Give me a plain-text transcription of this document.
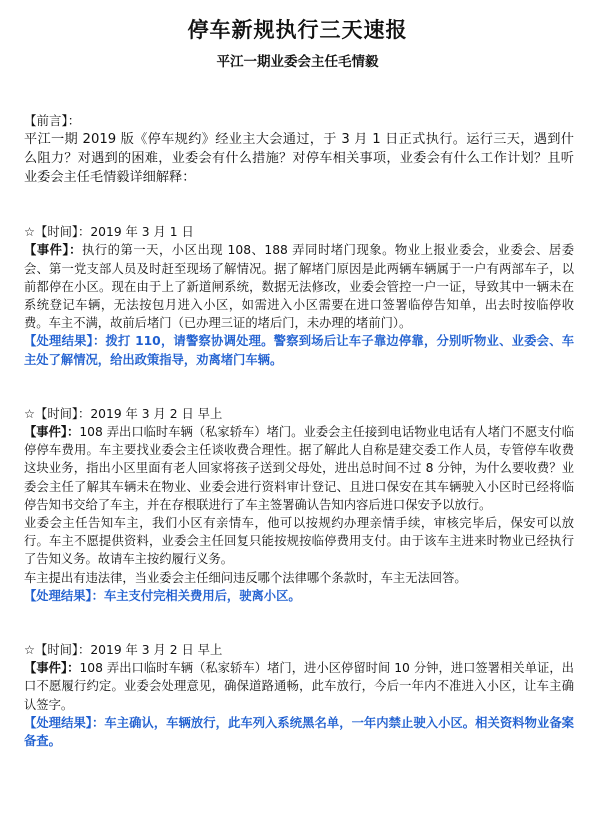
停车新规执行三天速报
平江一期业委会主任毛情毅

【前言】：

平江一期 2019 版《停车规约》经业主大会通过，于 3 月 1 日正式执行。运行三天，遇到什么阻力？对遇到的困难，业委会有什么措施？对停车相关事项，业委会有什么工作计划？且听业委会主任毛情毅详细解释：

☆【时间】：2019 年 3 月 1 日

【事件】：执行的第一天，小区出现 108、188 弄同时堵门现象。物业上报业委会，业委会、居委会、第一党支部人员及时赶至现场了解情况。据了解堵门原因是此两辆车辆属于一户有两部车子，以前都停在小区。现在由于上了新道闸系统，数据无法修改，业委会管控一户一证，导致其中一辆未在系统登记车辆，无法按包月进入小区，如需进入小区需要在进口签署临停告知单，出去时按临停收费。车主不满，故前后堵门（已办理三证的堵后门，未办理的堵前门）。

【处理结果】：拨打 110，请警察协调处理。警察到场后让车子靠边停靠，分别听物业、业委会、车主处了解情况，给出政策指导，劝离堵门车辆。

☆【时间】：2019 年 3 月 2 日 早上

【事件】：108 弄出口临时车辆（私家轿车）堵门。业委会主任接到电话物业电话有人堵门不愿支付临停停车费用。车主要找业委会主任谈收费合理性。据了解此人自称是建交委工作人员，专管停车收费这块业务，指出小区里面有老人回家将孩子送到父母处，进出总时间不过 8 分钟，为什么要收费？业委会主任了解其车辆未在物业、业委会进行资料审计登记、且进口保安在其车辆驶入小区时已经将临停告知书交给了车主，并在存根联进行了车主签署确认告知内容后进口保安予以放行。

业委会主任告知车主，我们小区有亲情车，他可以按规约办理亲情手续，审核完毕后，保安可以放行。车主不愿提供资料，业委会主任回复只能按规按临停费用支付。由于该车主进来时物业已经执行了告知义务。故请车主按约履行义务。

车主提出有违法律，当业委会主任细问违反哪个法律哪个条款时，车主无法回答。

【处理结果】：车主支付完相关费用后，驶离小区。

☆【时间】：2019 年 3 月 2 日 早上

【事件】：108 弄出口临时车辆（私家轿车）堵门，进小区停留时间 10 分钟，进口签署相关单证，出口不愿履行约定。业委会处理意见，确保道路通畅，此车放行，今后一年内不准进入小区，让车主确认签字。

【处理结果】：车主确认，车辆放行，此车列入系统黑名单，一年内禁止驶入小区。相关资料物业备案备查。
